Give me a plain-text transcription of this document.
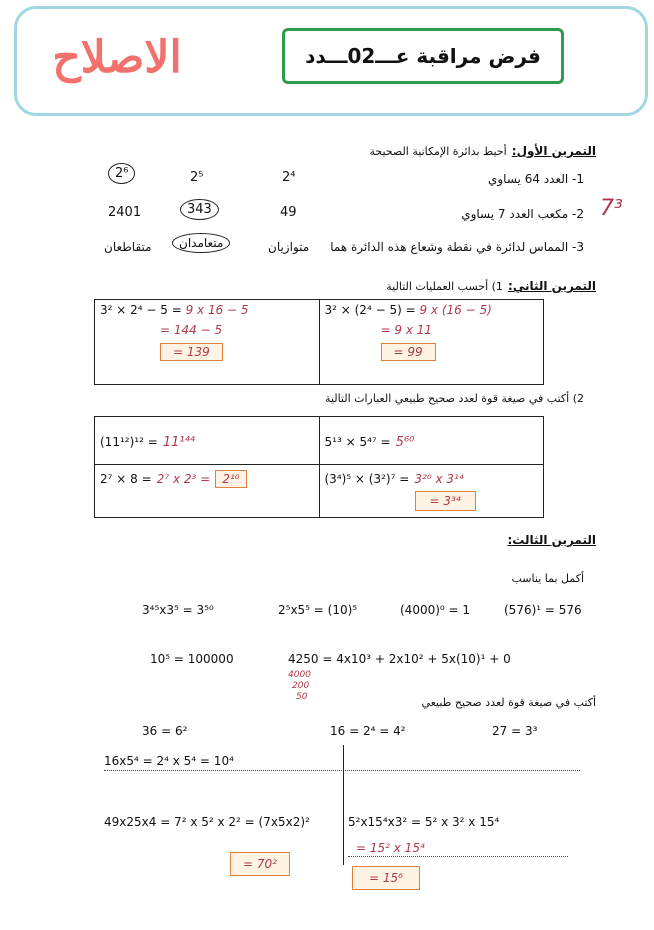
الاصلاح	فرض مراقبة عـــ02ـــدد
التمرين الأول: أحيط بدائرة الإمكانية الصحيحة
1- العدد 64 يساوي
2⁶	2⁵	2⁴
2- مكعب العدد 7 يساوي 7³
2401	343	49
3- المماس لدائرة في نقطة وشعاع هذه الدائرة هما
متقاطعان	متعامدان	متوازيان
التمرين الثاني: 1) أحسب العمليات التالية
3² × 2⁴ − 5 = 9 x 16 − 5
= 144 − 5
= 139	
3² × (2⁴ − 5) = 9 x (16 − 5)
= 9 x 11
= 99
2) أكتب في صيغة قوة لعدد صحيح طبيعي العبارات التالية
(11¹²)¹² = 11¹⁴⁴	5¹³ × 5⁴⁷ = 5⁶⁰
2⁷ × 8 = 2⁷ x 2³ = 2¹⁰	(3⁴)⁵ × (3²)⁷ = 3²⁰ x 3¹⁴ = 3³⁴
التمرين الثالث:
أكمل بما يناسب
3⁴⁵x3⁵ = 3⁵⁰	2⁵x5⁵ = (10)⁵	(4000)⁰ = 1	(576)¹ = 576
10⁵ = 100000	4250 = 4x10³ + 2x10² + 5x(10)¹ + 0
4000
200
50	أكتب في صيغة قوة لعدد صحيح طبيعي
36 = 6²	16 = 2⁴ = 4²	27 = 3³
16x5⁴ = 2⁴ x 5⁴ = 10⁴
49x25x4 = 7² x 5² x 2² = (7x5x2)²
= 70²
5²x15⁴x3² = 5² x 3² x 15⁴
= 15² x 15⁴
= 15⁶
